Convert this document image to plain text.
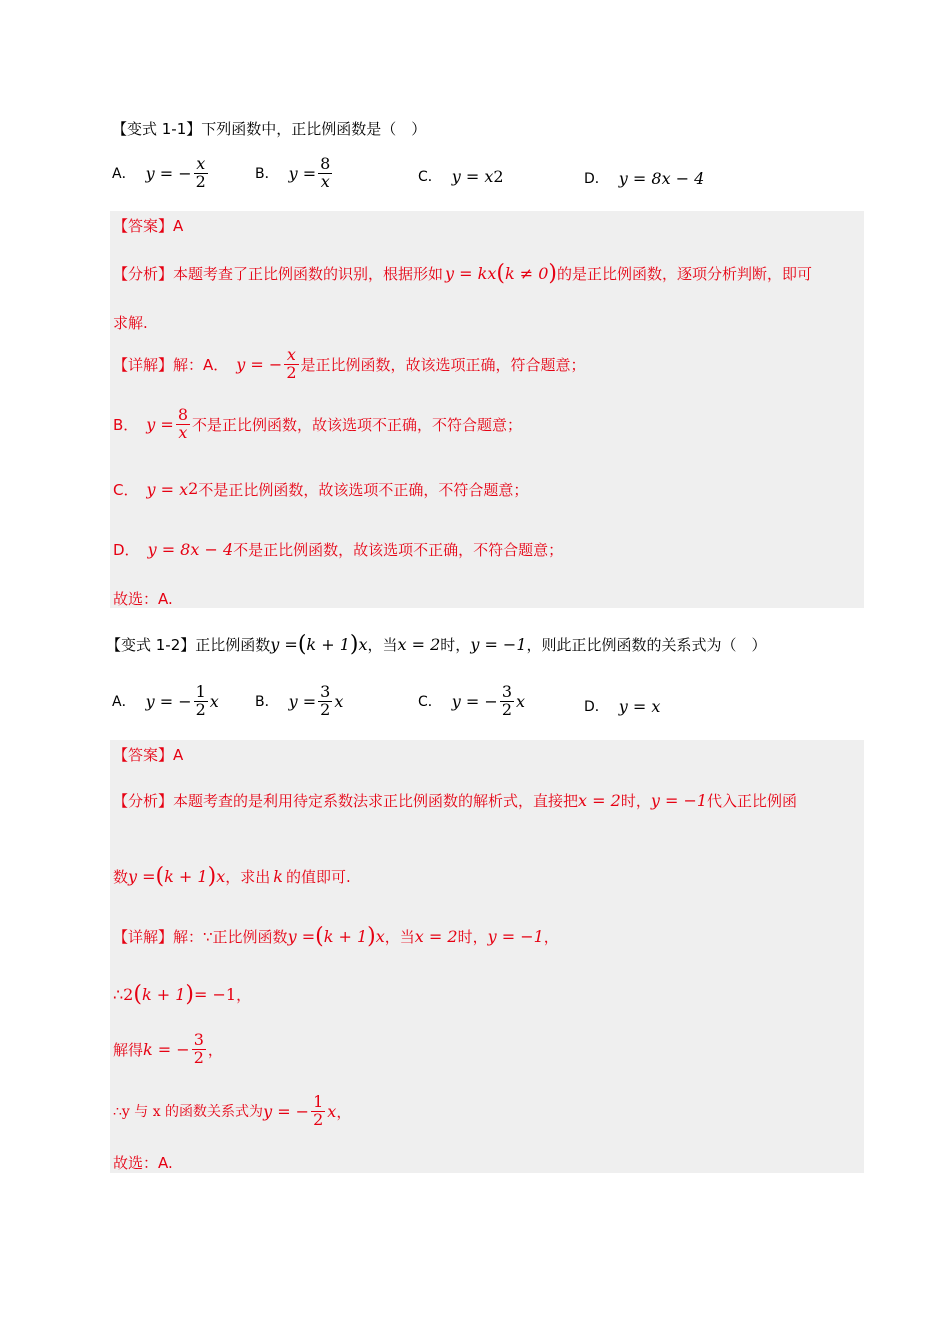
【变式 1-1】下列函数中，正比例函数是（　）
A． y = − $\frac{x}{2}$	B． $y = \frac{8}{x}$	C． y = x 2	D． y = 8x − 4
【答案】 A
【分析】 本题考查了正比例函数的识别，根据形如 y = kx ( k ≠ 0 ) 的是正比例函数，逐项分析判断，即可
求解.
【详解】 解：A． y = − $\frac{x}{2}$ 是正比例函数，故该选项正确，符合题意；
B． $y = \frac{8}{x}$ 不是正比例函数，故该选项不正确，不符合题意；
C． y = x 2 不是正比例函数，故该选项不正确，不符合题意；
D． y = 8x − 4 不是正比例函数，故该选项不正确，不符合题意；
故选：A.
【变式 1-2】 正比例函数 y = ( k + 1 ) x ，当 x = 2 时， y = −1 ，则此正比例函数的关系式为（　）
A． y = − $\frac{1}{2}$ x	B． $y = \frac{3}{2}$ x	C． y = − $\frac{3}{2}$ x	D． y = x
【答案】 A
【分析】 本题考查的是利用待定系数法求正比例函数的解析式，直接把 x = 2 时， y = −1 代入正比例函
数 y = ( k + 1 ) x ，求出 k 的值即可.
【详解】 解：∵正比例函数 y = ( k + 1 ) x ，当 x = 2 时， y = −1 ，
∴2 ( k + 1 ) = −1 ，
解得 k = − $\frac{3}{2}$ ，
∴y 与 x 的函数关系式为 y = − $\frac{1}{2}$ x ，
故选：A.
